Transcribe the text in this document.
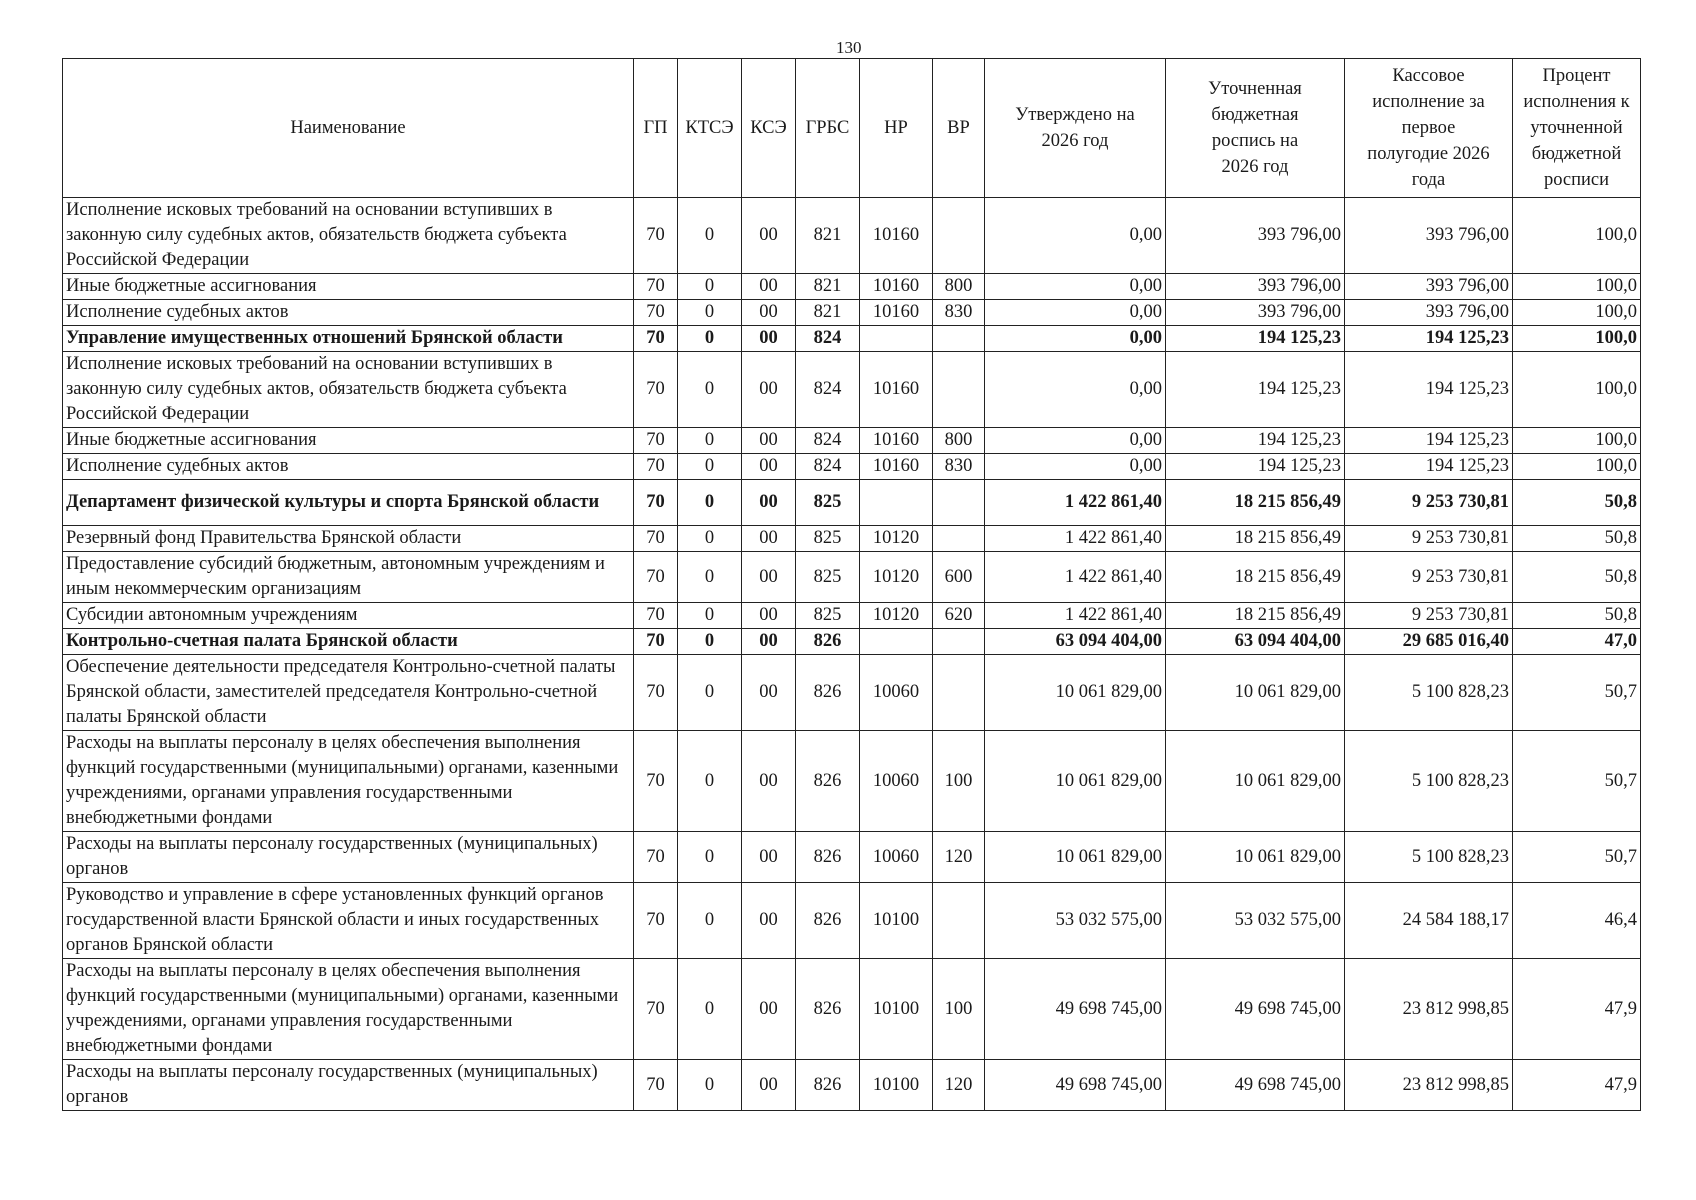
130
Наименование	ГП	КТСЭ	КСЭ	ГРБС	НР	ВР	Утверждено на 2026 год	Уточненная бюджетная роспись на 2026 год	Кассовое исполнение за первое полугодие 2026 года	Процент исполнения к уточненной бюджетной росписи
Исполнение исковых требований на основании вступивших в законную силу судебных актов, обязательств бюджета субъекта Российской Федерации	70	0	00	821	10160		0,00	393 796,00	393 796,00	100,0
Иные бюджетные ассигнования	70	0	00	821	10160	800	0,00	393 796,00	393 796,00	100,0
Исполнение судебных актов	70	0	00	821	10160	830	0,00	393 796,00	393 796,00	100,0
Управление имущественных отношений Брянской области	70	0	00	824			0,00	194 125,23	194 125,23	100,0
Исполнение исковых требований на основании вступивших в законную силу судебных актов, обязательств бюджета субъекта Российской Федерации	70	0	00	824	10160		0,00	194 125,23	194 125,23	100,0
Иные бюджетные ассигнования	70	0	00	824	10160	800	0,00	194 125,23	194 125,23	100,0
Исполнение судебных актов	70	0	00	824	10160	830	0,00	194 125,23	194 125,23	100,0
Департамент физической культуры и спорта Брянской области	70	0	00	825			1 422 861,40	18 215 856,49	9 253 730,81	50,8
Резервный фонд Правительства Брянской области	70	0	00	825	10120		1 422 861,40	18 215 856,49	9 253 730,81	50,8
Предоставление субсидий бюджетным, автономным учреждениям и иным некоммерческим организациям	70	0	00	825	10120	600	1 422 861,40	18 215 856,49	9 253 730,81	50,8
Субсидии автономным учреждениям	70	0	00	825	10120	620	1 422 861,40	18 215 856,49	9 253 730,81	50,8
Контрольно-счетная палата Брянской области	70	0	00	826			63 094 404,00	63 094 404,00	29 685 016,40	47,0
Обеспечение деятельности председателя Контрольно-счетной палаты Брянской области, заместителей председателя Контрольно-счетной палаты Брянской области	70	0	00	826	10060		10 061 829,00	10 061 829,00	5 100 828,23	50,7
Расходы на выплаты персоналу в целях обеспечения выполнения функций государственными (муниципальными) органами, казенными учреждениями, органами управления государственными внебюджетными фондами	70	0	00	826	10060	100	10 061 829,00	10 061 829,00	5 100 828,23	50,7
Расходы на выплаты персоналу государственных (муниципальных) органов	70	0	00	826	10060	120	10 061 829,00	10 061 829,00	5 100 828,23	50,7
Руководство и управление в сфере установленных функций органов государственной власти Брянской области и иных государственных органов Брянской области	70	0	00	826	10100		53 032 575,00	53 032 575,00	24 584 188,17	46,4
Расходы на выплаты персоналу в целях обеспечения выполнения функций государственными (муниципальными) органами, казенными учреждениями, органами управления государственными внебюджетными фондами	70	0	00	826	10100	100	49 698 745,00	49 698 745,00	23 812 998,85	47,9
Расходы на выплаты персоналу государственных (муниципальных) органов	70	0	00	826	10100	120	49 698 745,00	49 698 745,00	23 812 998,85	47,9
